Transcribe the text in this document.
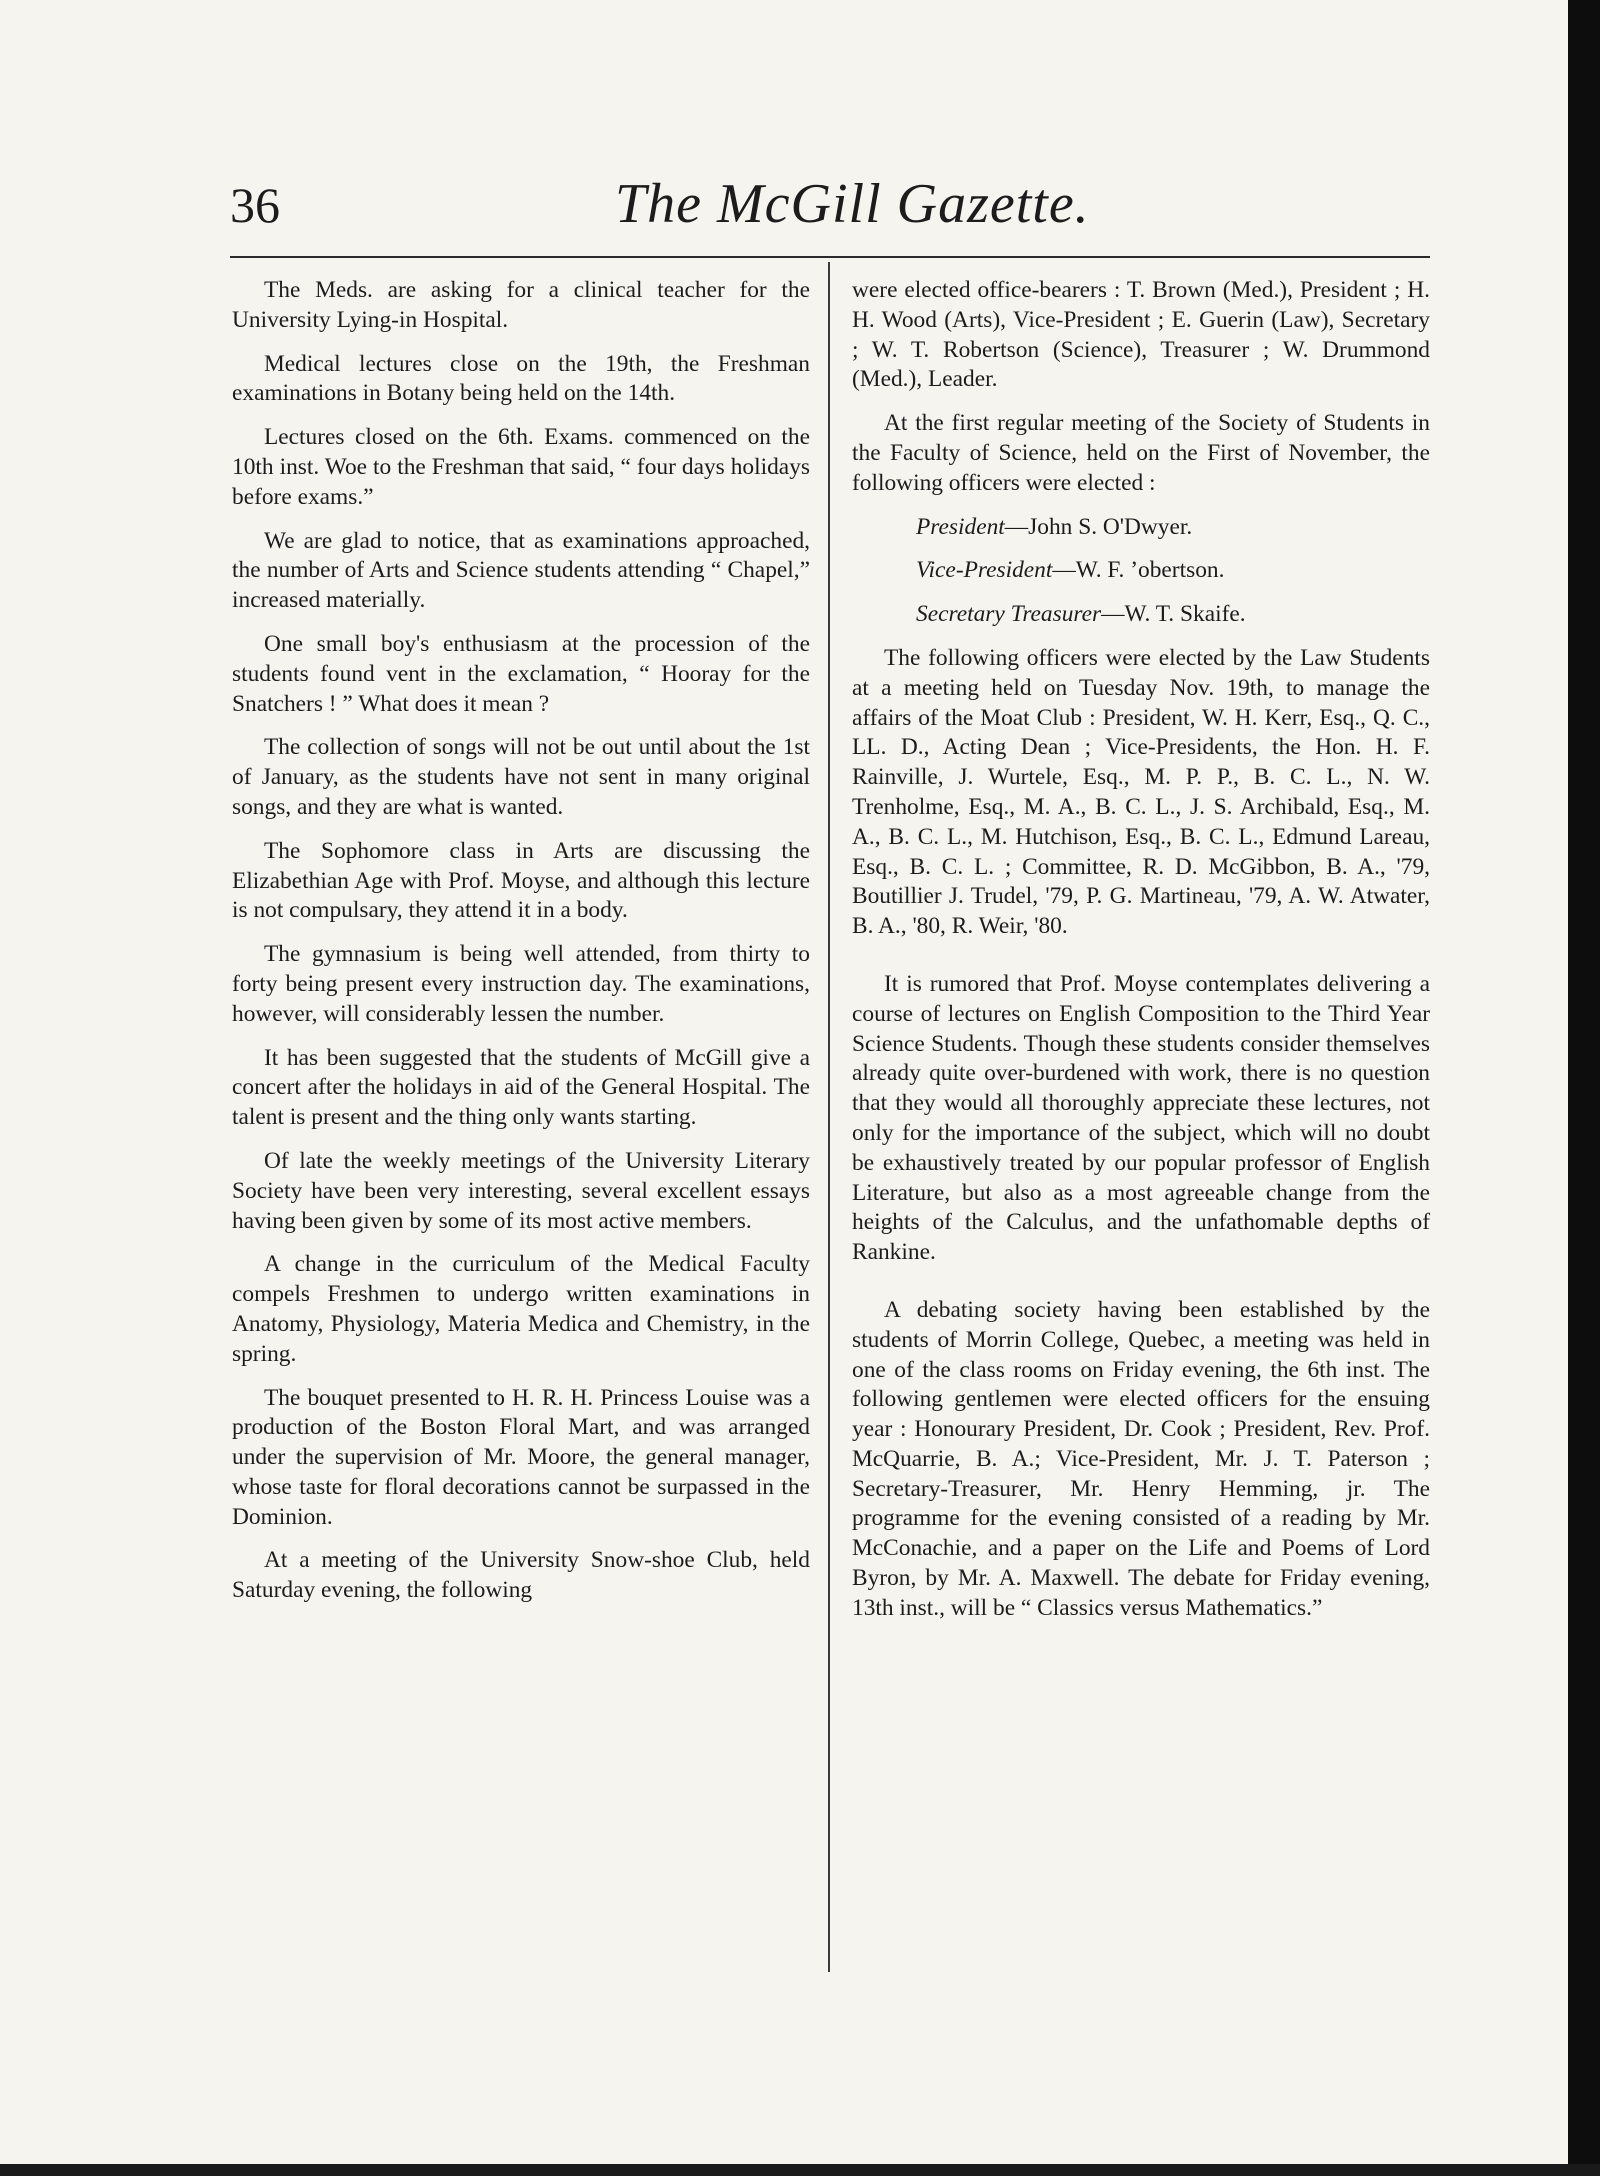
36	The McGill Gazette.

The Meds. are asking for a clinical teacher for the University Lying-in Hospital.

Medical lectures close on the 19th, the Freshman examinations in Botany being held on the 14th.

Lectures closed on the 6th. Exams. commenced on the 10th inst. Woe to the Freshman that said, “ four days holidays before exams.”

We are glad to notice, that as examinations approached, the number of Arts and Science students attending “ Chapel,” increased materially.

One small boy's enthusiasm at the procession of the students found vent in the exclamation, “ Hooray for the Snatchers ! ” What does it mean ?

The collection of songs will not be out until about the 1st of January, as the students have not sent in many original songs, and they are what is wanted.

The Sophomore class in Arts are discussing the Elizabethian Age with Prof. Moyse, and although this lecture is not compulsary, they attend it in a body.

The gymnasium is being well attended, from thirty to forty being present every instruction day. The examinations, however, will considerably lessen the number.

It has been suggested that the students of McGill give a concert after the holidays in aid of the General Hospital. The talent is present and the thing only wants starting.

Of late the weekly meetings of the University Literary Society have been very interesting, several excellent essays having been given by some of its most active members.

A change in the curriculum of the Medical Faculty compels Freshmen to undergo written examinations in Anatomy, Physiology, Materia Medica and Chemistry, in the spring.

The bouquet presented to H. R. H. Princess Louise was a production of the Boston Floral Mart, and was arranged under the supervision of Mr. Moore, the general manager, whose taste for floral decorations cannot be surpassed in the Dominion.

At a meeting of the University Snow-shoe Club, held Saturday evening, the following

were elected office-bearers : T. Brown (Med.), President ; H. H. Wood (Arts), Vice-President ; E. Guerin (Law), Secretary ; W. T. Robertson (Science), Treasurer ; W. Drummond (Med.), Leader.

At the first regular meeting of the Society of Students in the Faculty of Science, held on the First of November, the following officers were elected :

President—John S. O'Dwyer.

Vice-President—W. F. ’obertson.

Secretary Treasurer—W. T. Skaife.

The following officers were elected by the Law Students at a meeting held on Tuesday Nov. 19th, to manage the affairs of the Moat Club : President, W. H. Kerr, Esq., Q. C., LL. D., Acting Dean ; Vice-Presidents, the Hon. H. F. Rainville, J. Wurtele, Esq., M. P. P., B. C. L., N. W. Trenholme, Esq., M. A., B. C. L., J. S. Archibald, Esq., M. A., B. C. L., M. Hutchison, Esq., B. C. L., Edmund Lareau, Esq., B. C. L. ; Committee, R. D. McGibbon, B. A., '79, Boutillier J. Trudel, '79, P. G. Martineau, '79, A. W. Atwater, B. A., '80, R. Weir, '80.

It is rumored that Prof. Moyse contemplates delivering a course of lectures on English Composition to the Third Year Science Students. Though these students consider themselves already quite over-burdened with work, there is no question that they would all thoroughly appreciate these lectures, not only for the importance of the subject, which will no doubt be exhaustively treated by our popular professor of English Literature, but also as a most agreeable change from the heights of the Calculus, and the unfathomable depths of Rankine.

A debating society having been established by the students of Morrin College, Quebec, a meeting was held in one of the class rooms on Friday evening, the 6th inst. The following gentlemen were elected officers for the ensuing year : Honourary President, Dr. Cook ; President, Rev. Prof. McQuarrie, B. A.; Vice-President, Mr. J. T. Paterson ; Secretary-Treasurer, Mr. Henry Hemming, jr. The programme for the evening consisted of a reading by Mr. McConachie, and a paper on the Life and Poems of Lord Byron, by Mr. A. Maxwell. The debate for Friday evening, 13th inst., will be “ Classics versus Mathematics.”
